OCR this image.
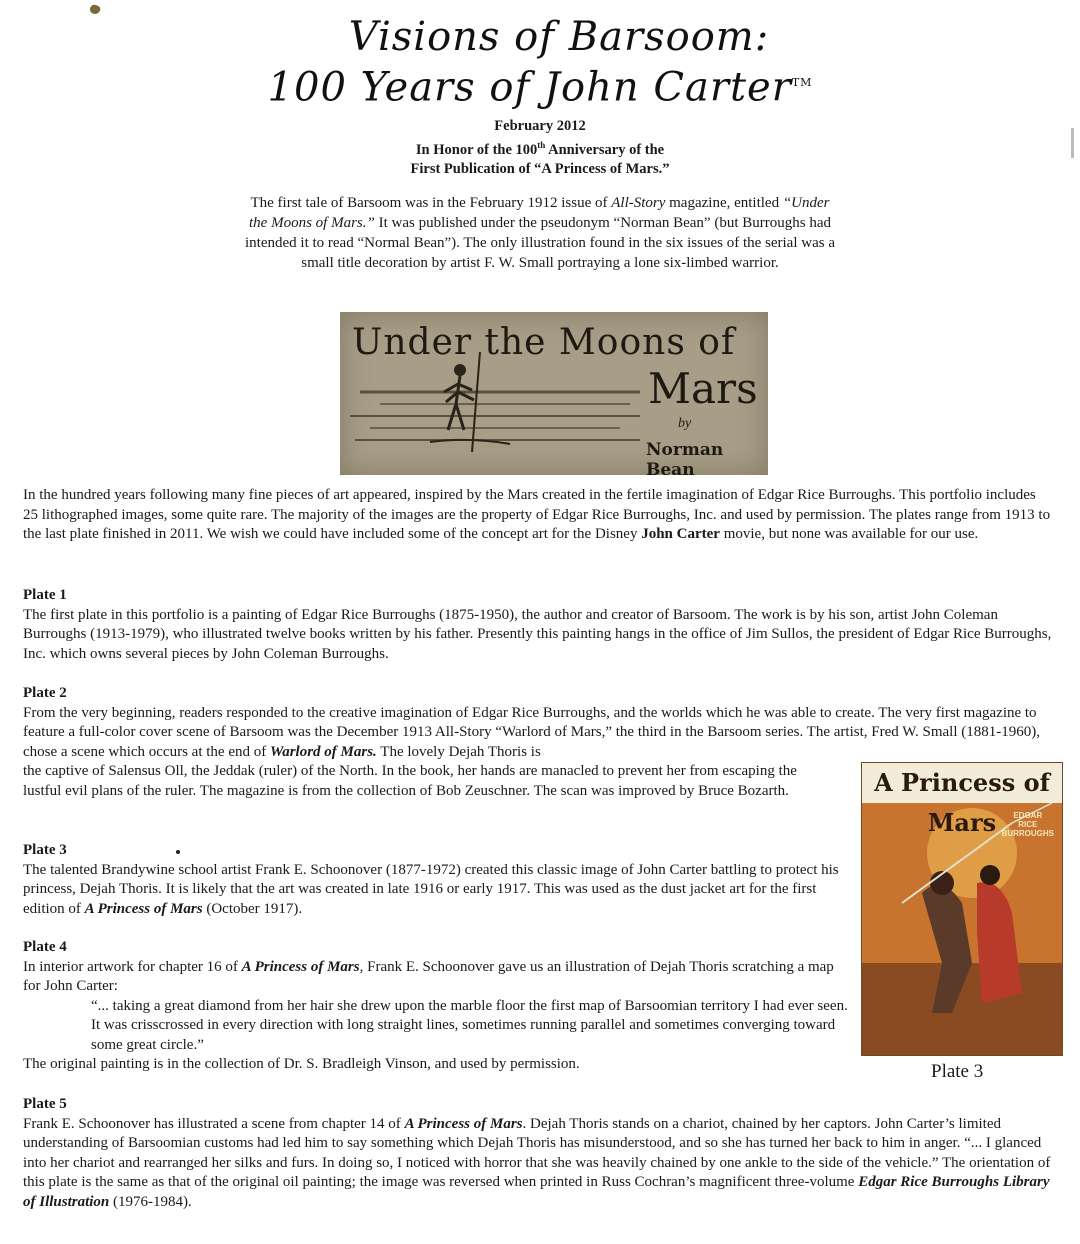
Visions of Barsoom:
100 Years of John Carter™
February 2012
In Honor of the 100th Anniversary of the
First Publication of “A Princess of Mars.”
The first tale of Barsoom was in the February 1912 issue of All-Story magazine, entitled “Under the Moons of Mars.” It was published under the pseudonym “Norman Bean” (but Burroughs had intended it to read “Normal Bean”). The only illustration found in the six issues of the serial was a small title decoration by artist F. W. Small portraying a lone six-limbed warrior.
Under the Moons of
Mars
by
Norman Bean
In the hundred years following many fine pieces of art appeared, inspired by the Mars created in the fertile imagination of Edgar Rice Burroughs. This portfolio includes 25 lithographed images, some quite rare. The majority of the images are the property of Edgar Rice Burroughs, Inc. and used by permission. The plates range from 1913 to the last plate finished in 2011. We wish we could have included some of the concept art for the Disney John Carter movie, but none was available for our use.
Plate 1
The first plate in this portfolio is a painting of Edgar Rice Burroughs (1875-1950), the author and creator of Barsoom. The work is by his son, artist John Coleman Burroughs (1913-1979), who illustrated twelve books written by his father. Presently this painting hangs in the office of Jim Sullos, the president of Edgar Rice Burroughs, Inc. which owns several pieces by John Coleman Burroughs.
Plate 2
From the very beginning, readers responded to the creative imagination of Edgar Rice Burroughs, and the worlds which he was able to create. The very first magazine to feature a full-color cover scene of Barsoom was the December 1913 All-Story “Warlord of Mars,” the third in the Barsoom series. The artist, Fred W. Small (1881-1960), chose a scene which occurs at the end of Warlord of Mars. The lovely Dejah Thoris is
the captive of Salensus Oll, the Jeddak (ruler) of the North. In the book, her hands are manacled to prevent her from escaping the lustful evil plans of the ruler. The magazine is from the collection of Bob Zeuschner. The scan was improved by Bruce Bozarth.
Plate 3
The talented Brandywine school artist Frank E. Schoonover (1877-1972) created this classic image of John Carter battling to protect his princess, Dejah Thoris. It is likely that the art was created in late 1916 or early 1917. This was used as the dust jacket art for the first edition of A Princess of Mars (October 1917).
Plate 4
In interior artwork for chapter 16 of A Princess of Mars, Frank E. Schoonover gave us an illustration of Dejah Thoris scratching a map for John Carter:
“... taking a great diamond from her hair she drew upon the marble floor the first map of Barsoomian territory I had ever seen. It was crisscrossed in every direction with long straight lines, sometimes running parallel and sometimes converging toward some great circle.”
The original painting is in the collection of Dr. S. Bradleigh Vinson, and used by permission.
Plate 5
Frank E. Schoonover has illustrated a scene from chapter 14 of A Princess of Mars. Dejah Thoris stands on a chariot, chained by her captors. John Carter’s limited understanding of Barsoomian customs had led him to say something which Dejah Thoris has misunderstood, and so she has turned her back to him in anger. “... I glanced into her chariot and rearranged her silks and furs. In doing so, I noticed with horror that she was heavily chained by one ankle to the side of the vehicle.” The orientation of this plate is the same as that of the original oil painting; the image was reversed when printed in Russ Cochran’s magnificent three-volume Edgar Rice Burroughs Library of Illustration (1976-1984).
A Princess of Mars	EDGAR
RICE
BURROUGHS
Plate 3
